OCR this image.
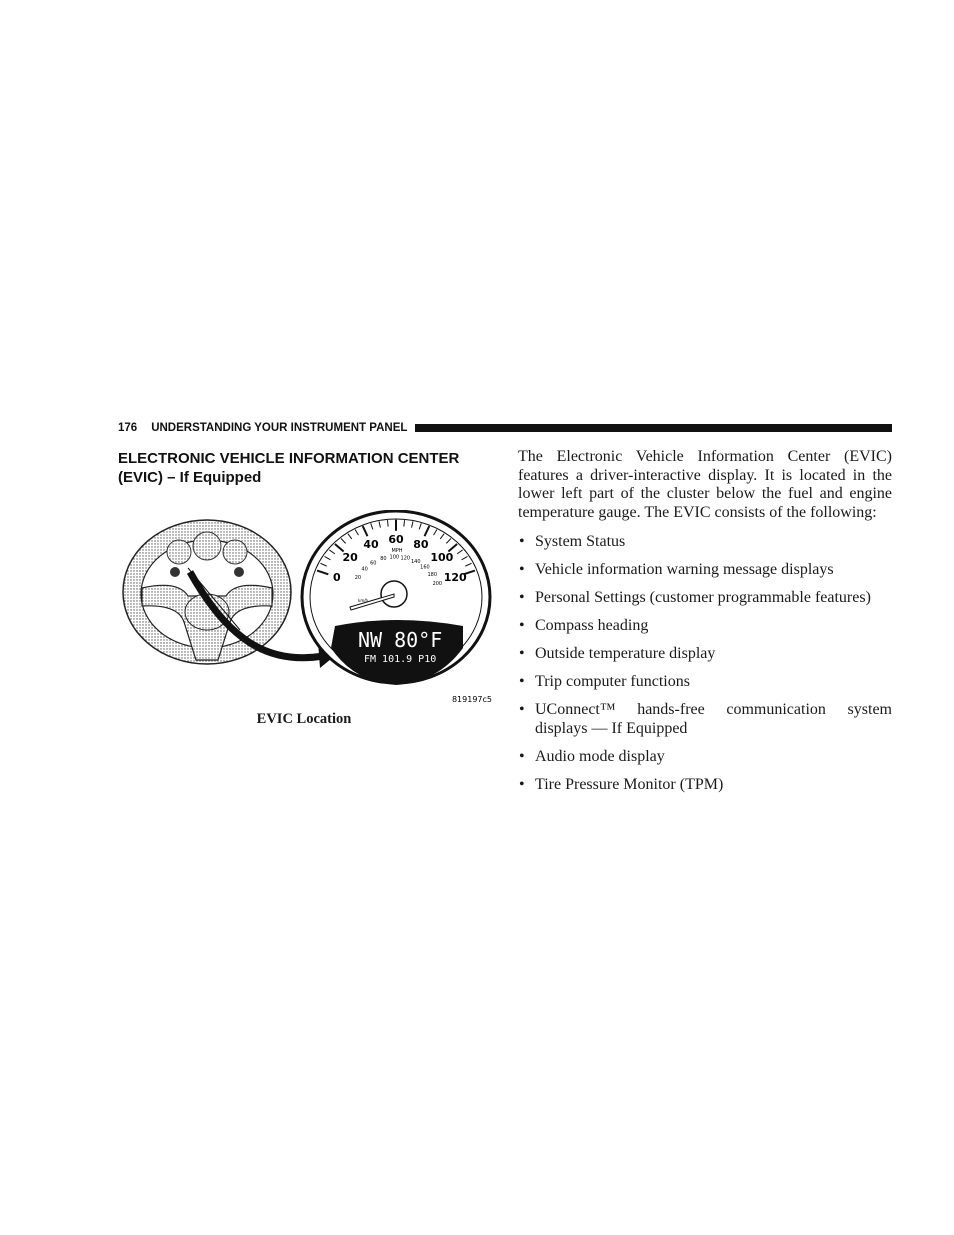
176 UNDERSTANDING YOUR INSTRUMENT PANEL
ELECTRONIC VEHICLE INFORMATION CENTER
(EVIC) – If Equipped
0
20
40 60 80
100
120
20
40
60
80 100 120
140
160
180
200
MPH
km/h
NW 80°F
FM 101.9 P10
819197c5
EVIC Location
The Electronic Vehicle Information Center (EVIC) features a driver-interactive display. It is located in the lower left part of the cluster below the fuel and engine temperature gauge. The EVIC consists of the following:
• System Status
• Vehicle information warning message displays
• Personal Settings (customer programmable features)
• Compass heading
• Outside temperature display
• Trip computer functions
• UConnect™ hands-free communication system displays — If Equipped
• Audio mode display
• Tire Pressure Monitor (TPM)
